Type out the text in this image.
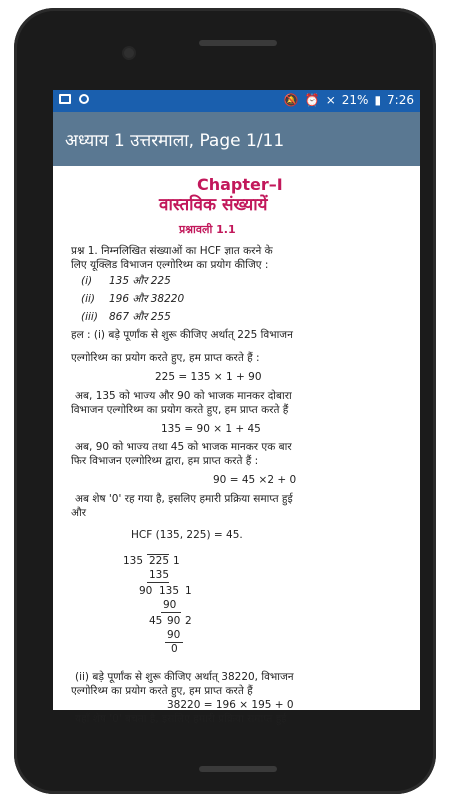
🔕 ⏰ ⨯ 21% ▮ 7:26
अध्याय 1 उत्तरमाला, Page 1/11
Chapter–I
वास्तविक संख्यायें
प्रश्नावली 1.1
प्रश्न 1. निम्नलिखित संख्याओं का HCF ज्ञात करने के
लिए यूक्लिड विभाजन एल्गोरिथ्म का प्रयोग कीजिए :
(i) 135 और 225
(ii) 196 और 38220
(iii) 867 और 255
हल : (i) बड़े पूर्णांक से शुरू कीजिए अर्थात् 225 विभाजन
एल्गोरिथ्म का प्रयोग करते हुए, हम प्राप्त करते हैं :
225 = 135 × 1 + 90
अब, 135 को भाज्य और 90 को भाजक मानकर दोबारा
विभाजन एल्गोरिथ्म का प्रयोग करते हुए, हम प्राप्त करते हैं
135 = 90 × 1 + 45
अब, 90 को भाज्य तथा 45 को भाजक मानकर एक बार
फिर विभाजन एल्गोरिथ्म द्वारा, हम प्राप्त करते हैं :
90 = 45 ×2 + 0
अब शेष '0' रह गया है, इसलिए हमारी प्रक्रिया समाप्त हुई
और
HCF (135, 225) = 45.
135 225 1
135
90 135 1
90
45 90 2
90
0
(ii) बड़े पूर्णांक से शुरू कीजिए अर्थात् 38220, विभाजन
एल्गोरिथ्म का प्रयोग करते हुए, हम प्राप्त करते हैं
38220 = 196 × 195 + 0
यहाँ शेष '0' बचता है, इसलिए हमारी प्रक्रिया समाप्त हुई
